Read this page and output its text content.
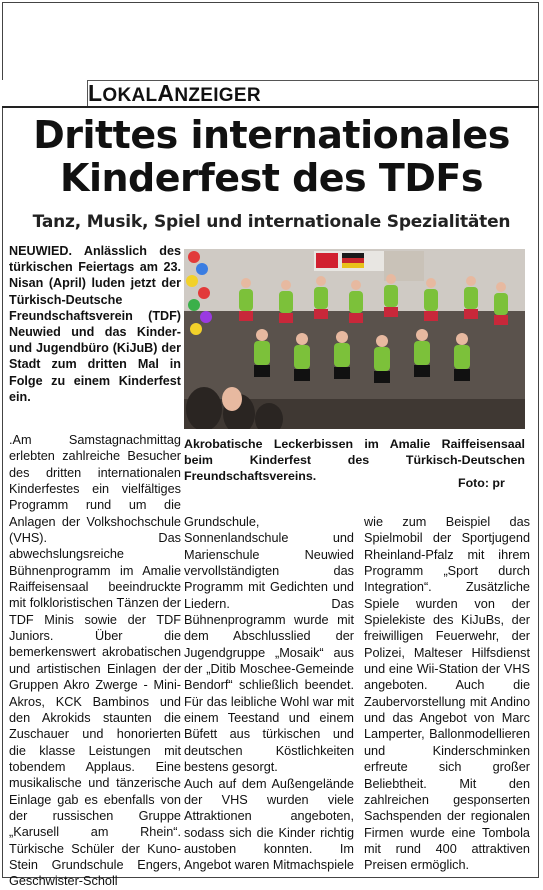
LOKALANZEIGER
Drittes internationales
Kinderfest des TDFs
Tanz, Musik, Spiel und internationale Spezialitäten
NEUWIED. Anlässlich des türkischen Feiertags am 23. Nisan (April) luden jetzt der Türkisch-Deutsche Freundschaftsverein (TDF) Neuwied und das Kinder- und Jugendbüro (KiJuB) der Stadt zum dritten Mal in Folge zu einem Kinderfest ein.
Akrobatische Leckerbissen im Amalie Raiffeisensaal beim Kinderfest des Türkisch-Deutschen Freundschaftsvereins.	Foto: pr

.Am Samstagnachmittag erlebten zahlreiche Besucher des dritten internationalen Kinderfestes ein vielfältiges Programm rund um die Anlagen der Volkshochschule (VHS). Das abwechslungsreiche Bühnenprogramm im Amalie Raiffeisensaal beeindruckte mit folkloristischen Tänzen der TDF Minis sowie der TDF Juniors. Über die bemerkenswert akrobatischen und artistischen Einlagen der Gruppen Akro Zwerge - Mini-Akros, KCK Bambinos und den Akrokids staunten die Zuschauer und honorierten die klasse Leistungen mit tobendem Applaus. Eine musikalische und tänzerische Einlage gab es ebenfalls von der russischen Gruppe „Karusell am Rhein“. Türkische Schüler der Kuno-Stein Grundschule Engers, Geschwister-Scholl

Grundschule, Sonnenlandschule und Marienschule Neuwied vervollständigten das Programm mit Gedichten und Liedern. Das Bühnenprogramm wurde mit dem Abschlusslied der Jugendgruppe „Mosaik“ aus der „Ditib Moschee-Gemeinde Bendorf“ schließlich beendet. Für das leibliche Wohl war mit einem Teestand und einem Büfett aus türkischen und deutschen Köstlichkeiten bestens gesorgt.

Auch auf dem Außengelände der VHS wurden viele Attraktionen angeboten, sodass sich die Kinder richtig austoben konnten. Im Angebot waren Mitmachspiele

wie zum Beispiel das Spielmobil der Sportjugend Rheinland-Pfalz mit ihrem Programm „Sport durch Integration“. Zusätzliche Spiele wurden von der Spielekiste des KiJuBs, der freiwilligen Feuerwehr, der Polizei, Malteser Hilfsdienst und eine Wii-Station der VHS angeboten. Auch die Zaubervorstellung mit Andino und das Angebot von Marc Lamperter, Ballonmodellieren und Kinderschminken erfreute sich großer Beliebtheit. Mit den zahlreichen gesponserten Sachspenden der regionalen Firmen wurde eine Tombola mit rund 400 attraktiven Preisen ermöglich.
